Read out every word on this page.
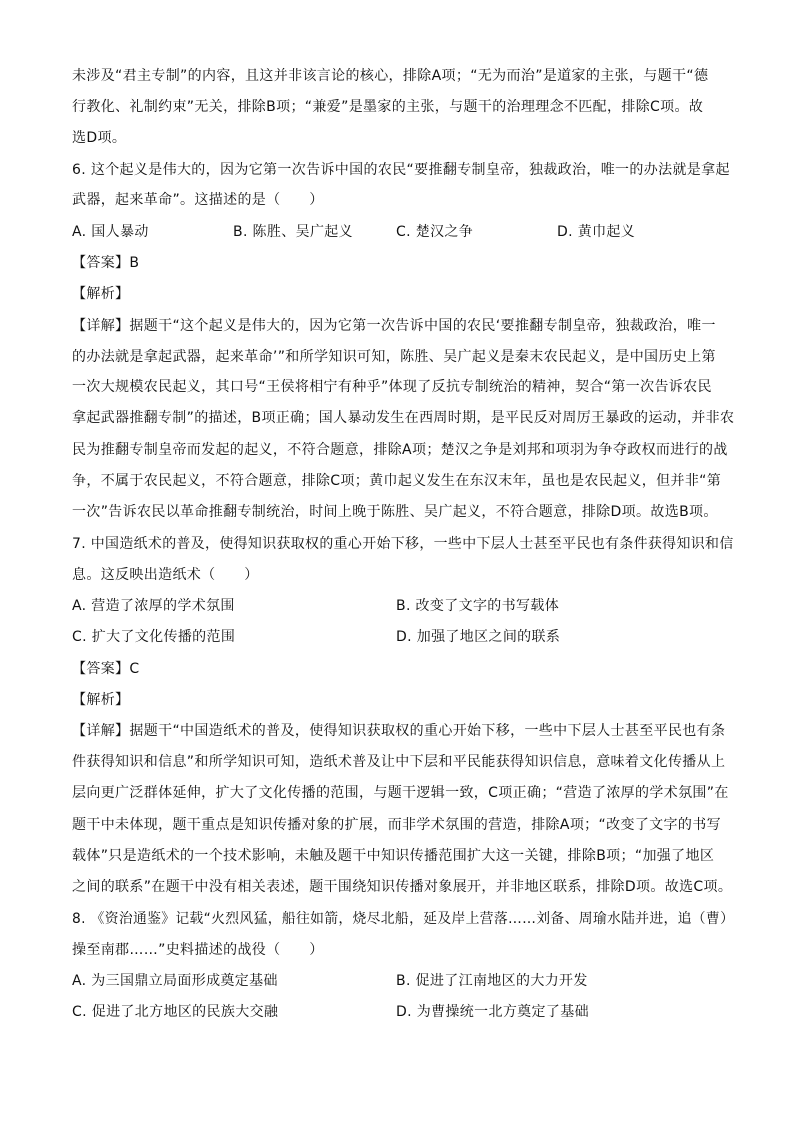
未涉及“君主专制”的内容，且这并非该言论的核心，排除A项；“无为而治”是道家的主张，与题干“德
行教化、礼制约束”无关，排除B项；“兼爱”是墨家的主张，与题干的治理理念不匹配，排除C项。故
选D项。
6. 这个起义是伟大的，因为它第一次告诉中国的农民“要推翻专制皇帝，独裁政治，唯一的办法就是拿起
武器，起来革命”。这描述的是（　　）
A. 国人暴动	B. 陈胜、吴广起义	C. 楚汉之争	D. 黄巾起义
【答案】B
【解析】
【详解】据题干“这个起义是伟大的，因为它第一次告诉中国的农民‘要推翻专制皇帝，独裁政治，唯一
的办法就是拿起武器，起来革命’”和所学知识可知，陈胜、吴广起义是秦末农民起义，是中国历史上第
一次大规模农民起义，其口号“王侯将相宁有种乎”体现了反抗专制统治的精神，契合“第一次告诉农民
拿起武器推翻专制”的描述，B项正确；国人暴动发生在西周时期，是平民反对周厉王暴政的运动，并非农
民为推翻专制皇帝而发起的起义，不符合题意，排除A项；楚汉之争是刘邦和项羽为争夺政权而进行的战
争，不属于农民起义，不符合题意，排除C项；黄巾起义发生在东汉末年，虽也是农民起义，但并非“第
一次”告诉农民以革命推翻专制统治，时间上晚于陈胜、吴广起义，不符合题意，排除D项。故选B项。
7. 中国造纸术的普及，使得知识获取权的重心开始下移，一些中下层人士甚至平民也有条件获得知识和信
息。这反映出造纸术（　　）
A. 营造了浓厚的学术氛围	B. 改变了文字的书写载体
C. 扩大了文化传播的范围	D. 加强了地区之间的联系
【答案】C
【解析】
【详解】据题干“中国造纸术的普及，使得知识获取权的重心开始下移，一些中下层人士甚至平民也有条
件获得知识和信息”和所学知识可知，造纸术普及让中下层和平民能获得知识信息，意味着文化传播从上
层向更广泛群体延伸，扩大了文化传播的范围，与题干逻辑一致，C项正确；“营造了浓厚的学术氛围”在
题干中未体现，题干重点是知识传播对象的扩展，而非学术氛围的营造，排除A项；“改变了文字的书写
载体”只是造纸术的一个技术影响，未触及题干中知识传播范围扩大这一关键，排除B项；“加强了地区
之间的联系”在题干中没有相关表述，题干围绕知识传播对象展开，并非地区联系，排除D项。故选C项。
8. 《资治通鉴》记载“火烈风猛，船往如箭，烧尽北船，延及岸上营落……刘备、周瑜水陆并进，追（曹）
操至南郡……”史料描述的战役（　　）
A. 为三国鼎立局面形成奠定基础	B. 促进了江南地区的大力开发
C. 促进了北方地区的民族大交融	D. 为曹操统一北方奠定了基础
